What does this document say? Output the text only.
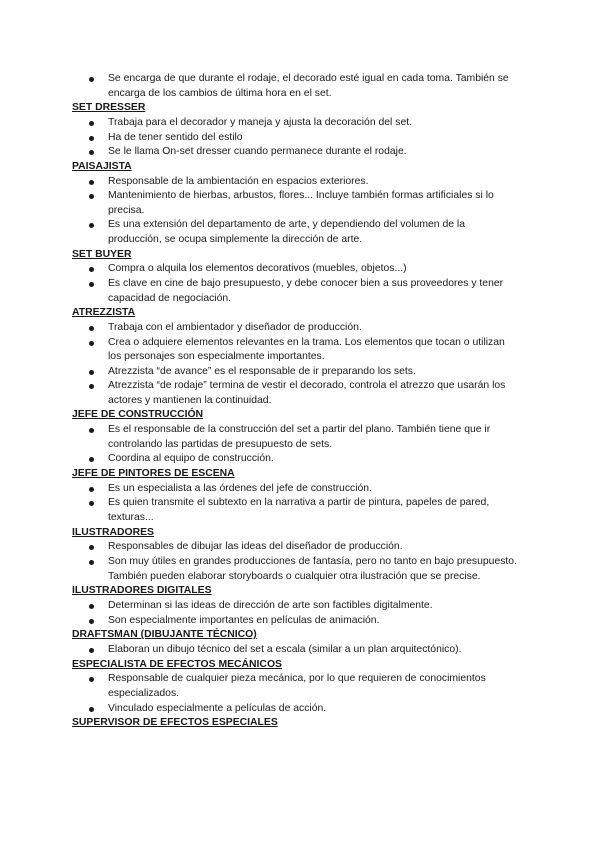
Se encarga de que durante el rodaje, el decorado esté igual en cada toma. También se encarga de los cambios de última hora en el set.
SET DRESSER
Trabaja para el decorador y maneja y ajusta la decoración del set.
Ha de tener sentido del estilo
Se le llama On-set dresser cuando permanece durante el rodaje.
PAISAJISTA
Responsable de la ambientación en espacios exteriores.
Mantenimiento de hierbas, arbustos, flores... Incluye también formas artificiales si lo precisa.
Es una extensión del departamento de arte, y dependiendo del volumen de la producción, se ocupa simplemente la dirección de arte.
SET BUYER
Compra o alquila los elementos decorativos (muebles, objetos...)
Es clave en cine de bajo presupuesto, y debe conocer bien a sus proveedores y tener capacidad de negociación.
ATREZZISTA
Trabaja con el ambientador y diseñador de producción.
Crea o adquiere elementos relevantes en la trama. Los elementos que tocan o utilizan los personajes son especialmente importantes.
Atrezzista “de avance” es el responsable de ir preparando los sets.
Atrezzista “de rodaje” termina de vestir el decorado, controla el atrezzo que usarán los actores y mantienen la continuidad.
JEFE DE CONSTRUCCIÓN
Es el responsable de la construcción del set a partir del plano. También tiene que ir controlando las partidas de presupuesto de sets.
Coordina al equipo de construcción.
JEFE DE PINTORES DE ESCENA
Es un especialista a las órdenes del jefe de construcción.
Es quien transmite el subtexto en la narrativa a partir de pintura, papeles de pared, texturas...
ILUSTRADORES
Responsables de dibujar las ideas del diseñador de producción.
Son muy útiles en grandes producciones de fantasía, pero no tanto en bajo presupuesto. También pueden elaborar storyboards o cualquier otra ilustración que se precise.
ILUSTRADORES DIGITALES
Determinan si las ideas de dirección de arte son factibles digitalmente.
Son especialmente importantes en películas de animación.
DRAFTSMAN (DIBUJANTE TÉCNICO)
Elaboran un dibujo técnico del set a escala (similar a un plan arquitectónico).
ESPECIALISTA DE EFECTOS MECÁNICOS
Responsable de cualquier pieza mecánica, por lo que requieren de conocimientos especializados.
Vinculado especialmente a películas de acción.
SUPERVISOR DE EFECTOS ESPECIALES
